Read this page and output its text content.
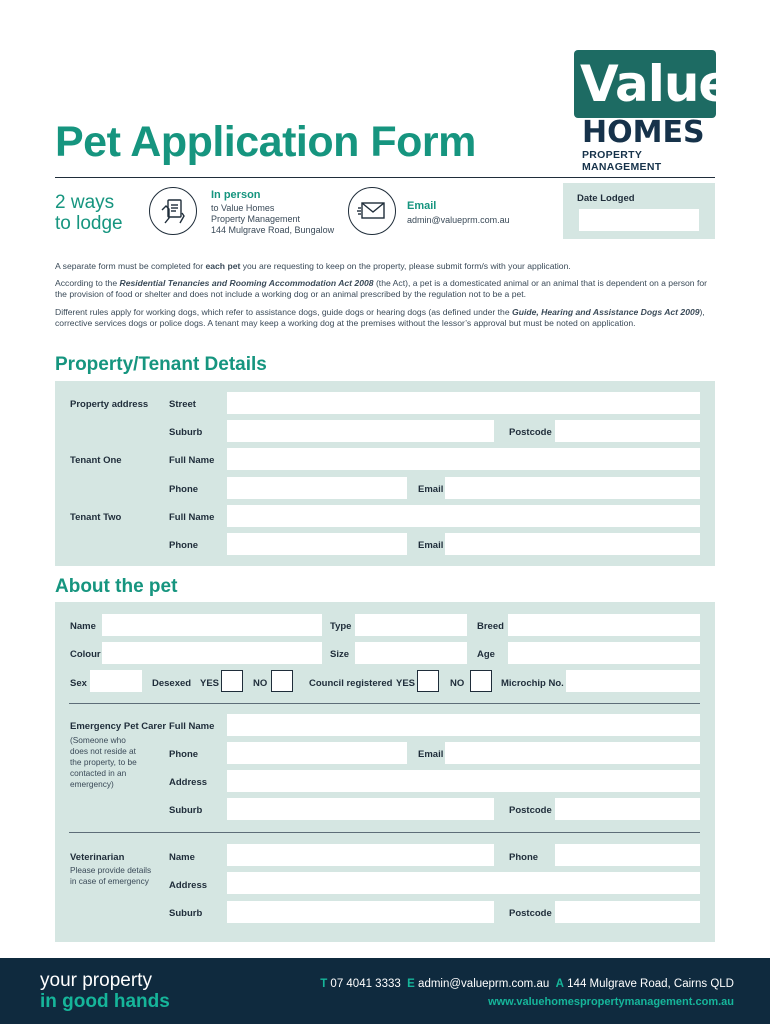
Value
HOMES
PROPERTY MANAGEMENT
Pet Application Form
2 ways
to lodge
In person
to Value Homes
Property Management
144 Mulgrave Road, Bungalow
Email
admin@valueprm.com.au
Date Lodged
A separate form must be completed for each pet you are requesting to keep on the property, please submit form/s with your application.
According to the Residential Tenancies and Rooming Accommodation Act 2008 (the Act), a pet is a domesticated animal or an animal that is dependent on a person for the provision of food or shelter and does not include a working dog or an animal prescribed by the regulation not to be a pet.
Different rules apply for working dogs, which refer to assistance dogs, guide dogs or hearing dogs (as defined under the Guide, Hearing and Assistance Dogs Act 2009), corrective services dogs or police dogs. A tenant may keep a working dog at the premises without the lessor’s approval but must be noted on application.
Property/Tenant Details
Property address Street
Suburb	Postcode
Tenant One	Full Name
Phone	Email
Tenant Two	Full Name
Phone	Email
About the pet
Name	Type	Breed
Colour	Size	Age
Sex	Desexed YES	NO	Council registered YES	NO	Microchip No.
Emergency Pet Carer
(Someone who
does not reside at
the property, to be
contacted in an
emergency)
Full Name
Phone	Email
Address
Suburb	Postcode
Veterinarian
Please provide details
in case of emergency
Name	Phone
Address
Suburb	Postcode
your property
in good hands
T 07 4041 3333 E admin@valueprm.com.au A 144 Mulgrave Road, Cairns QLD
www.valuehomespropertymanagement.com.au
